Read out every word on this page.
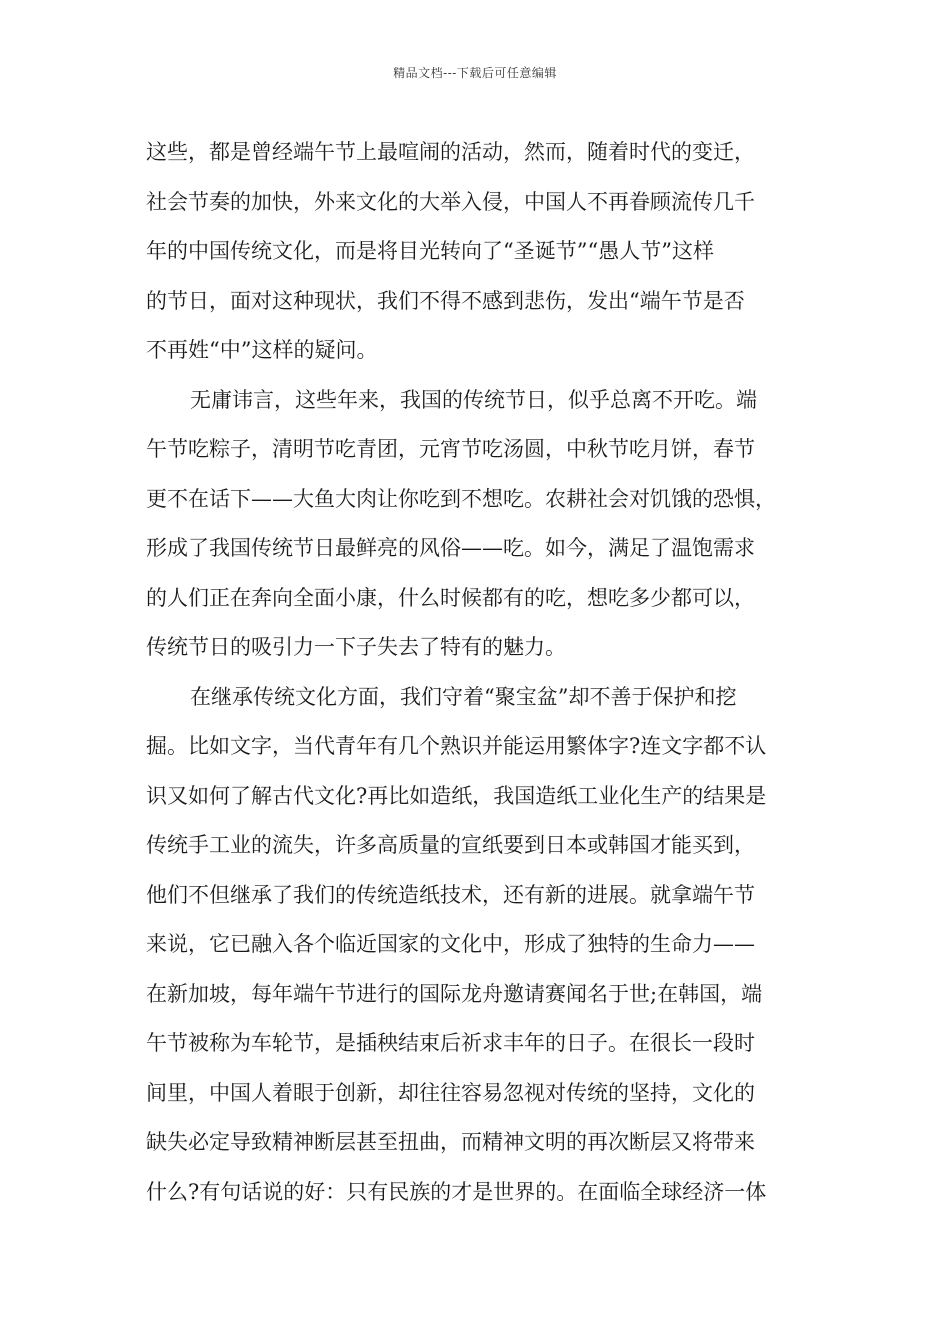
精品文档---下载后可任意编辑
这些，都是曾经端午节上最喧闹的活动，然而，随着时代的变迁，
社会节奏的加快，外来文化的大举入侵，中国人不再眷顾流传几千
年的中国传统文化，而是将目光转向了“圣诞节”“愚人节”这样
的节日，面对这种现状，我们不得不感到悲伤，发出“端午节是否
不再姓“中”这样的疑问。
无庸讳言，这些年来，我国的传统节日，似乎总离不开吃。端
午节吃粽子，清明节吃青团，元宵节吃汤圆，中秋节吃月饼，春节
更不在话下——大鱼大肉让你吃到不想吃。农耕社会对饥饿的恐惧，
形成了我国传统节日最鲜亮的风俗——吃。如今，满足了温饱需求
的人们正在奔向全面小康，什么时候都有的吃，想吃多少都可以，
传统节日的吸引力一下子失去了特有的魅力。
在继承传统文化方面，我们守着“聚宝盆”却不善于保护和挖
掘。比如文字，当代青年有几个熟识并能运用繁体字?连文字都不认
识又如何了解古代文化?再比如造纸，我国造纸工业化生产的结果是
传统手工业的流失，许多高质量的宣纸要到日本或韩国才能买到，
他们不但继承了我们的传统造纸技术，还有新的进展。就拿端午节
来说，它已融入各个临近国家的文化中，形成了独特的生命力——
在新加坡，每年端午节进行的国际龙舟邀请赛闻名于世;在韩国，端
午节被称为车轮节，是插秧结束后祈求丰年的日子。在很长一段时
间里，中国人着眼于创新，却往往容易忽视对传统的坚持，文化的
缺失必定导致精神断层甚至扭曲，而精神文明的再次断层又将带来
什么?有句话说的好：只有民族的才是世界的。在面临全球经济一体
